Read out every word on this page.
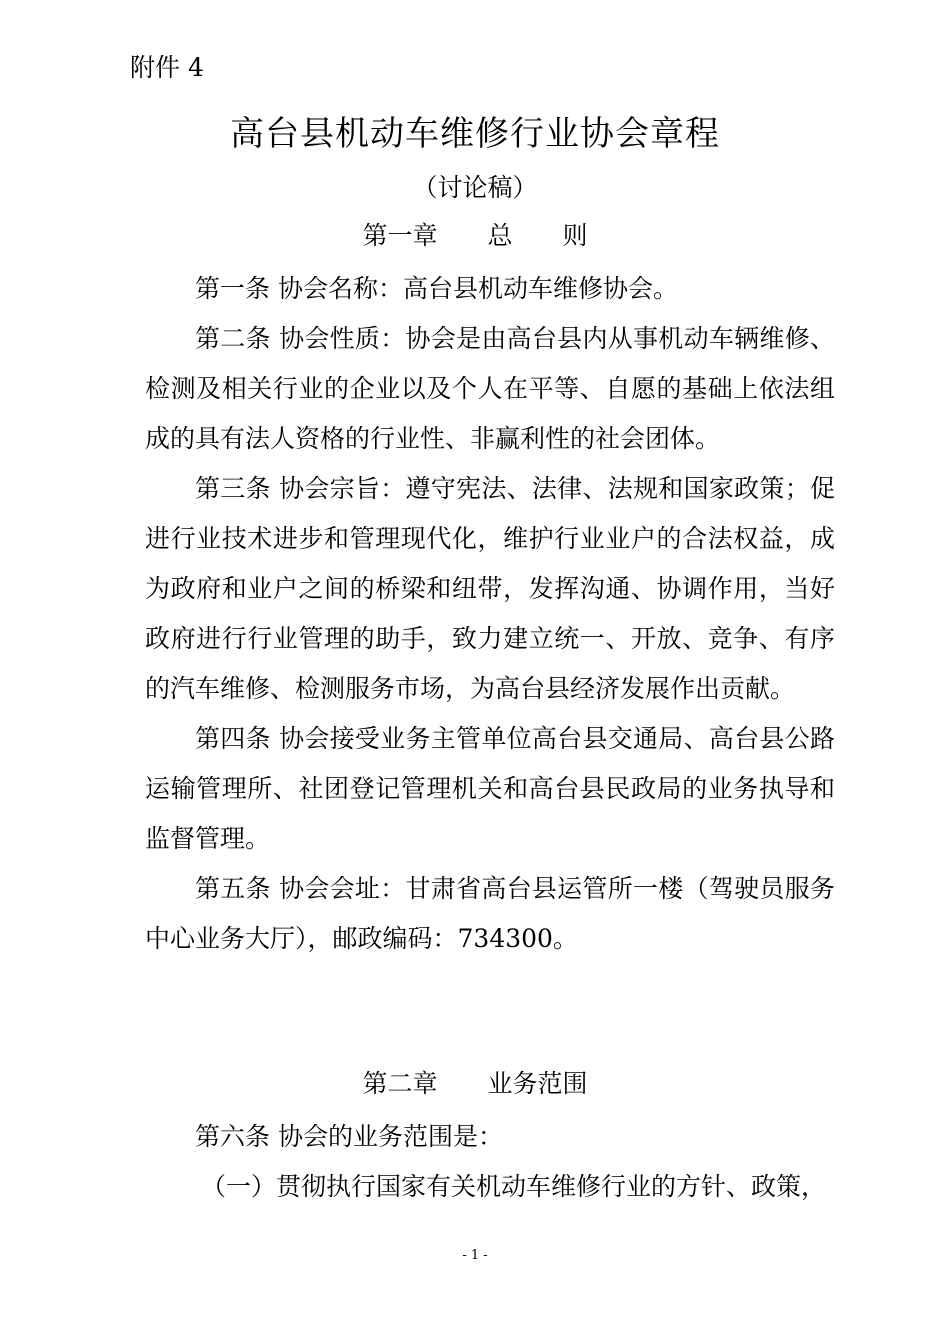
附件 4
高台县机动车维修行业协会章程
（讨论稿）
第一章　　总　　则

第一条 协会名称：高台县机动车维修协会。

第二条 协会性质：协会是由高台县内从事机动车辆维修、检测及相关行业的企业以及个人在平等、自愿的基础上依法组成的具有法人资格的行业性、非赢利性的社会团体。

第三条 协会宗旨：遵守宪法、法律、法规和国家政策；促进行业技术进步和管理现代化，维护行业业户的合法权益，成为政府和业户之间的桥梁和纽带，发挥沟通、协调作用，当好政府进行行业管理的助手，致力建立统一、开放、竞争、有序的汽车维修、检测服务市场，为高台县经济发展作出贡献。

第四条 协会接受业务主管单位高台县交通局、高台县公路运输管理所、社团登记管理机关和高台县民政局的业务执导和监督管理。

第五条 协会会址：甘肃省高台县运管所一楼（驾驶员服务中心业务大厅），邮政编码：734300。

第二章　　业务范围

第六条 协会的业务范围是：

（一）贯彻执行国家有关机动车维修行业的方针、政策，

- 1 -
